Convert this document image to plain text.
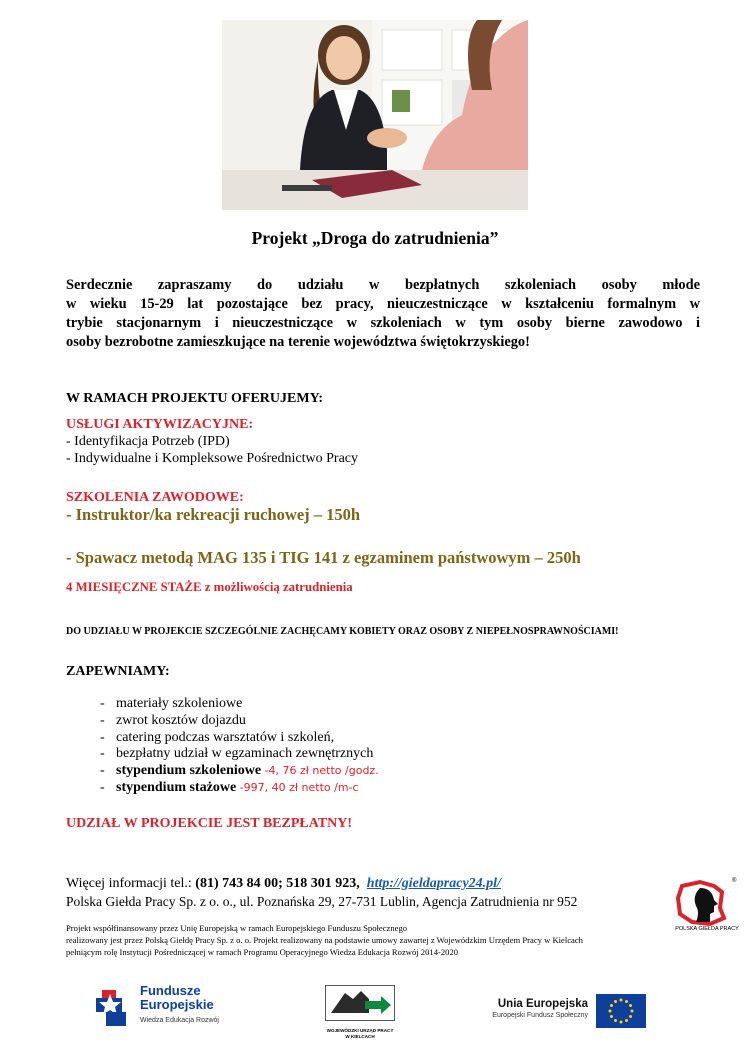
Projekt „Droga do zatrudnienia”
Serdecznie zapraszamy do udziału w bezpłatnych szkoleniach osoby młode
w wieku 15-29 lat pozostające bez pracy, nieuczestniczące w kształceniu formalnym w
trybie stacjonarnym i nieuczestniczące w szkoleniach w tym osoby bierne zawodowo i
osoby bezrobotne zamieszkujące na terenie województwa świętokrzyskiego!
W RAMACH PROJEKTU OFERUJEMY:
USŁUGI AKTYWIZACYJNE:
- Identyfikacja Potrzeb (IPD)
- Indywidualne i Kompleksowe Pośrednictwo Pracy
SZKOLENIA ZAWODOWE:
- Instruktor/ka rekreacji ruchowej – 150h
- Spawacz metodą MAG 135 i TIG 141 z egzaminem państwowym – 250h
4 MIESIĘCZNE STAŻE z możliwością zatrudnienia
DO UDZIAŁU W PROJEKCIE SZCZEGÓLNIE ZACHĘCAMY KOBIETY ORAZ OSOBY Z NIEPEŁNOSPRAWNOŚCIAMI!
ZAPEWNIAMY:
- materiały szkoleniowe
- zwrot kosztów dojazdu
- catering podczas warsztatów i szkoleń,
- bezpłatny udział w egzaminach zewnętrznych
- stypendium szkoleniowe -4, 76 zł netto /godz.
- stypendium stażowe -997, 40 zł netto /m-c
UDZIAŁ W PROJEKCIE JEST BEZPŁATNY!
Więcej informacji tel.: (81) 743 84 00; 518 301 923, http://gieldapracy24.pl/
Polska Giełda Pracy Sp. z o. o., ul. Poznańska 29, 27-731 Lublin, Agencja Zatrudnienia nr 952
Projekt współfinansowany przez Unię Europejską w ramach Europejskiego Funduszu Społecznego
realizowany jest przez Polską Giełdę Pracy Sp. z o. o. Projekt realizowany na podstawie umowy zawartej z Wojewódzkim Urzędem Pracy w Kielcach
pełniącym rolę Instytucji Pośredniczącej w ramach Programu Operacyjnego Wiedza Edukacja Rozwój 2014-2020
®
POLSKA GIEŁDA PRACY
Fundusze
Europejskie
Wiedza Edukacja Rozwój
WOJEWÓDZKI URZĄD PRACY
W KIELCACH
Unia Europejska
Europejski Fundusz Społeczny
